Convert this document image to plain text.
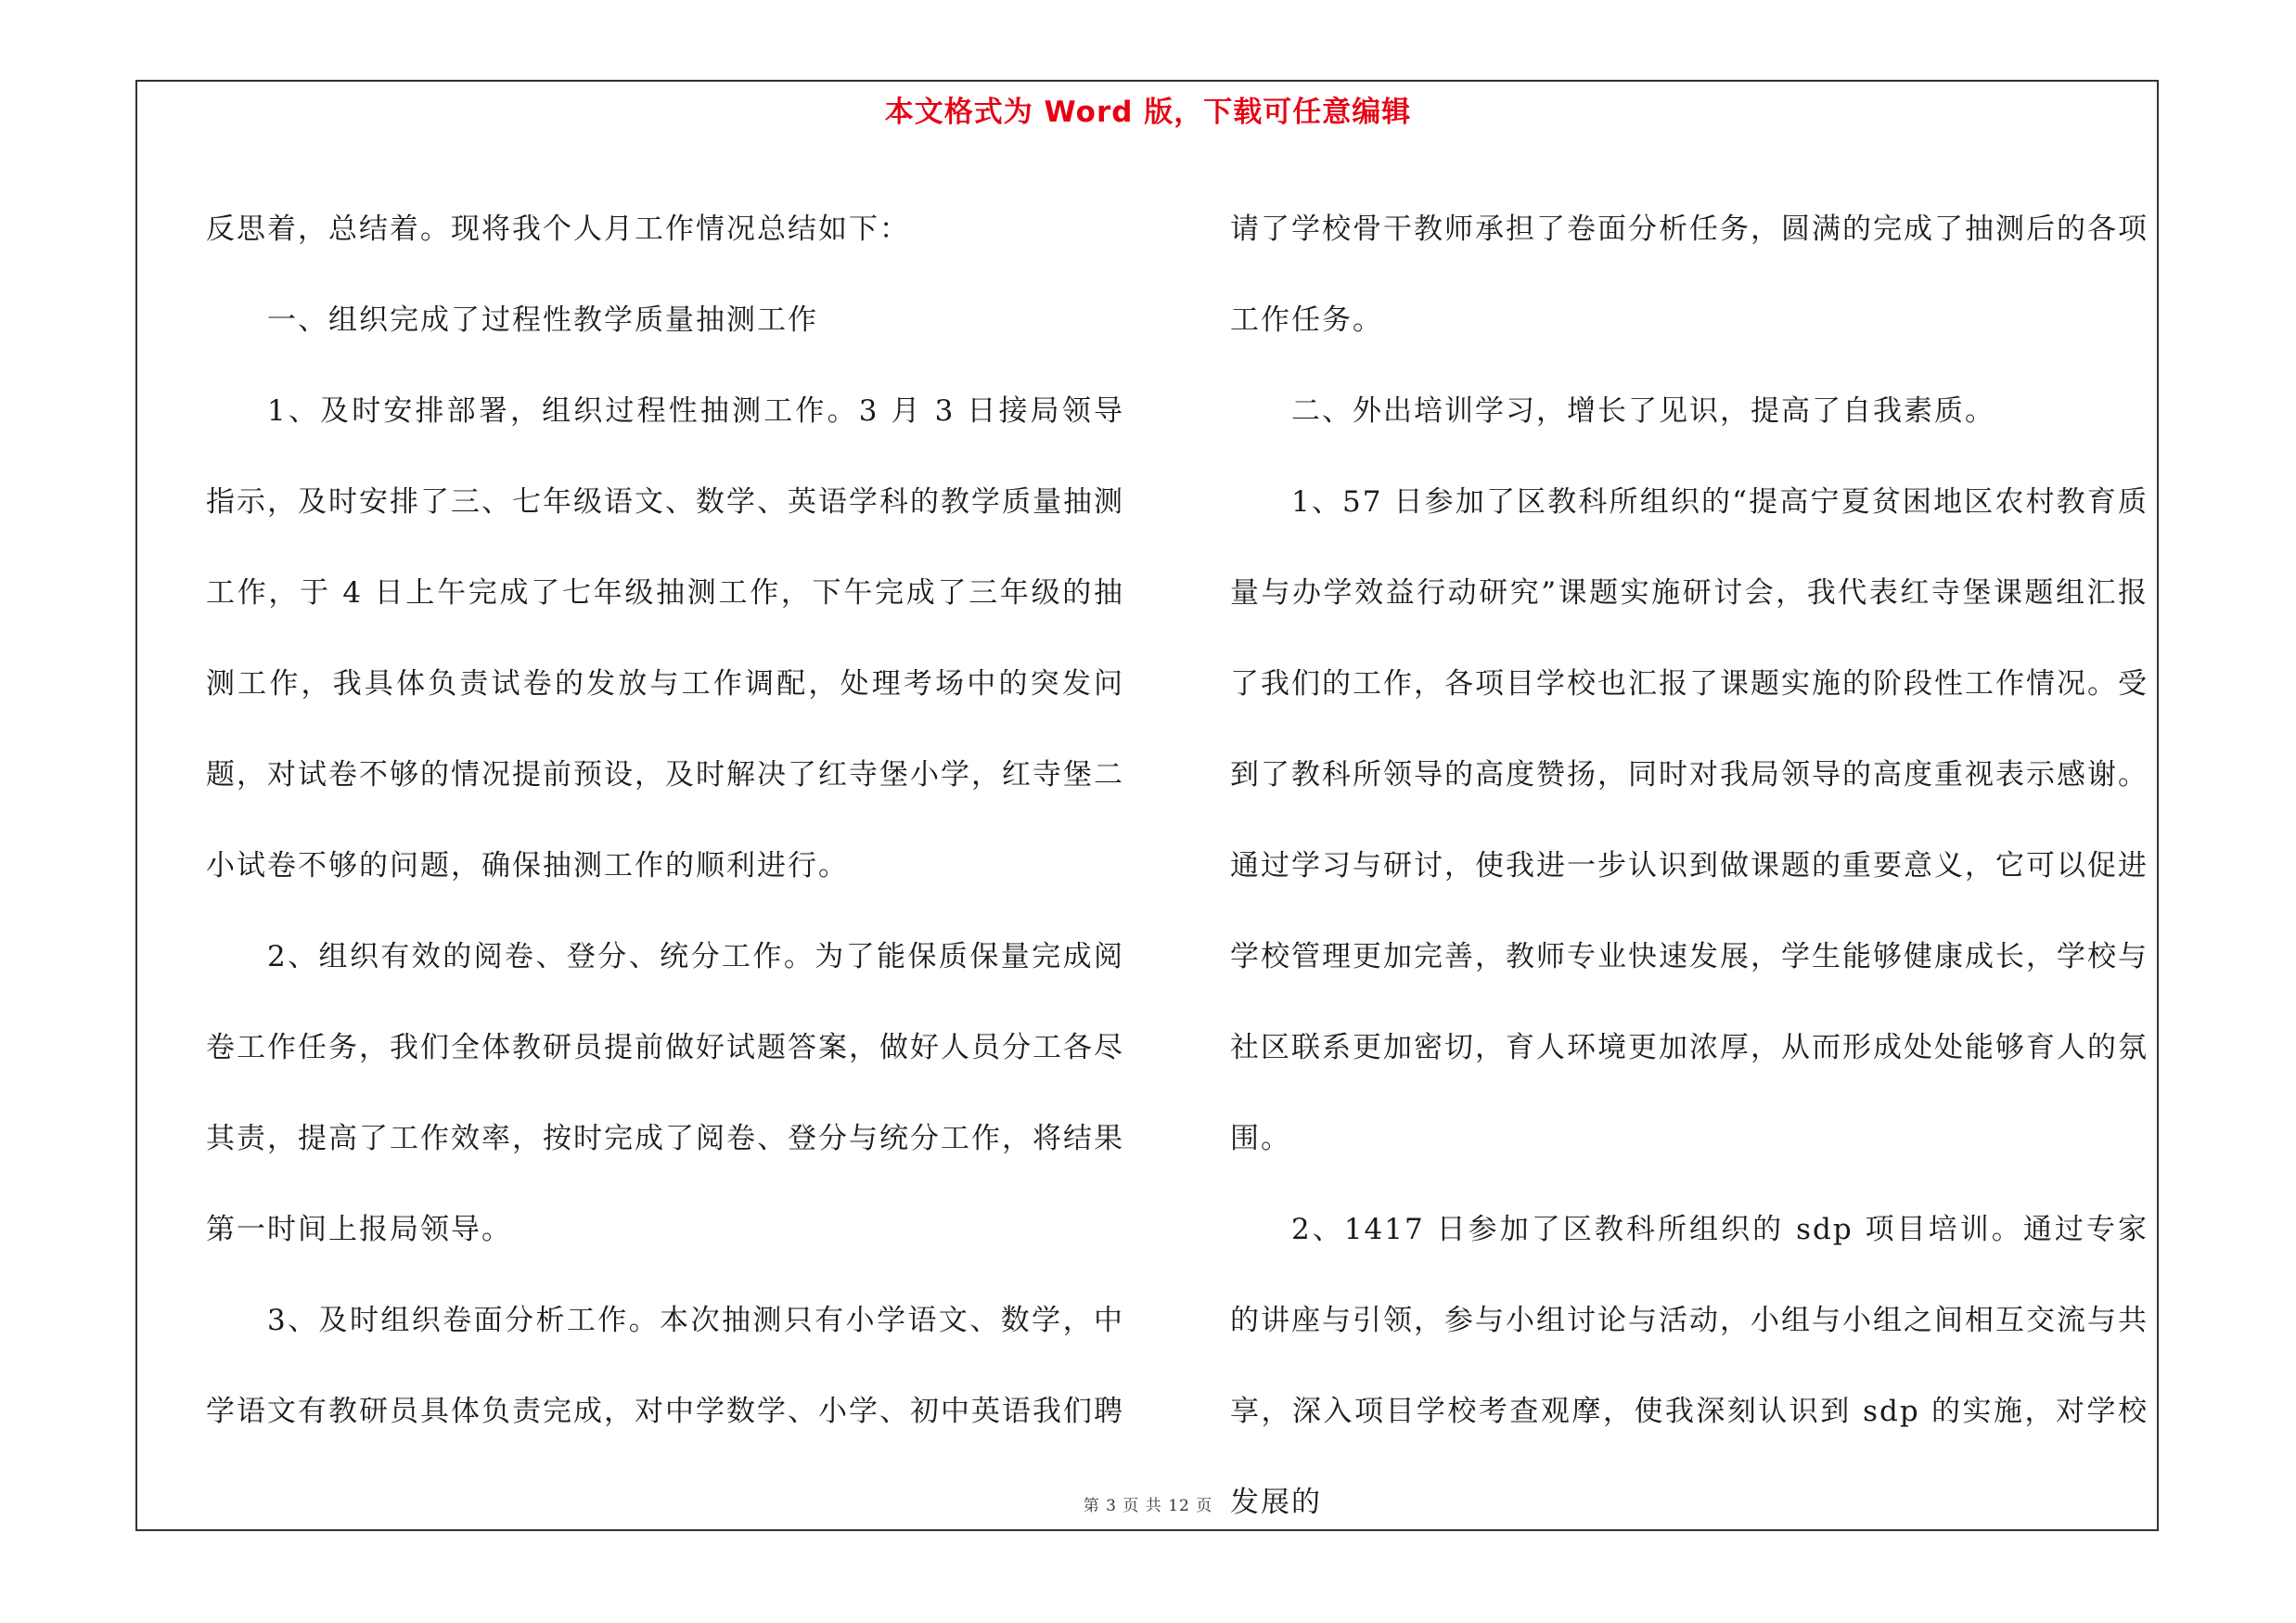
本文格式为 Word 版，下载可任意编辑

反思着，总结着。现将我个人月工作情况总结如下：

一、组织完成了过程性教学质量抽测工作

1、及时安排部署，组织过程性抽测工作。3 月 3 日接局领导指示，及时安排了三、七年级语文、数学、英语学科的教学质量抽测工作，于 4 日上午完成了七年级抽测工作，下午完成了三年级的抽测工作，我具体负责试卷的发放与工作调配，处理考场中的突发问题，对试卷不够的情况提前预设，及时解决了红寺堡小学，红寺堡二小试卷不够的问题，确保抽测工作的顺利进行。

2、组织有效的阅卷、登分、统分工作。为了能保质保量完成阅卷工作任务，我们全体教研员提前做好试题答案，做好人员分工各尽其责，提高了工作效率，按时完成了阅卷、登分与统分工作，将结果第一时间上报局领导。

3、及时组织卷面分析工作。本次抽测只有小学语文、数学，中学语文有教研员具体负责完成，对中学数学、小学、初中英语我们聘

请了学校骨干教师承担了卷面分析任务，圆满的完成了抽测后的各项工作任务。

二、外出培训学习，增长了见识，提高了自我素质。

1、57 日参加了区教科所组织的“提高宁夏贫困地区农村教育质量与办学效益行动研究”课题实施研讨会，我代表红寺堡课题组汇报了我们的工作，各项目学校也汇报了课题实施的阶段性工作情况。受到了教科所领导的高度赞扬，同时对我局领导的高度重视表示感谢。通过学习与研讨，使我进一步认识到做课题的重要意义，它可以促进学校管理更加完善，教师专业快速发展，学生能够健康成长，学校与社区联系更加密切，育人环境更加浓厚，从而形成处处能够育人的氛围。

2、1417 日参加了区教科所组织的 sdp 项目培训。通过专家的讲座与引领，参与小组讨论与活动，小组与小组之间相互交流与共享，深入项目学校考查观摩，使我深刻认识到 sdp 的实施，对学校发展的

第 3 页 共 12 页
